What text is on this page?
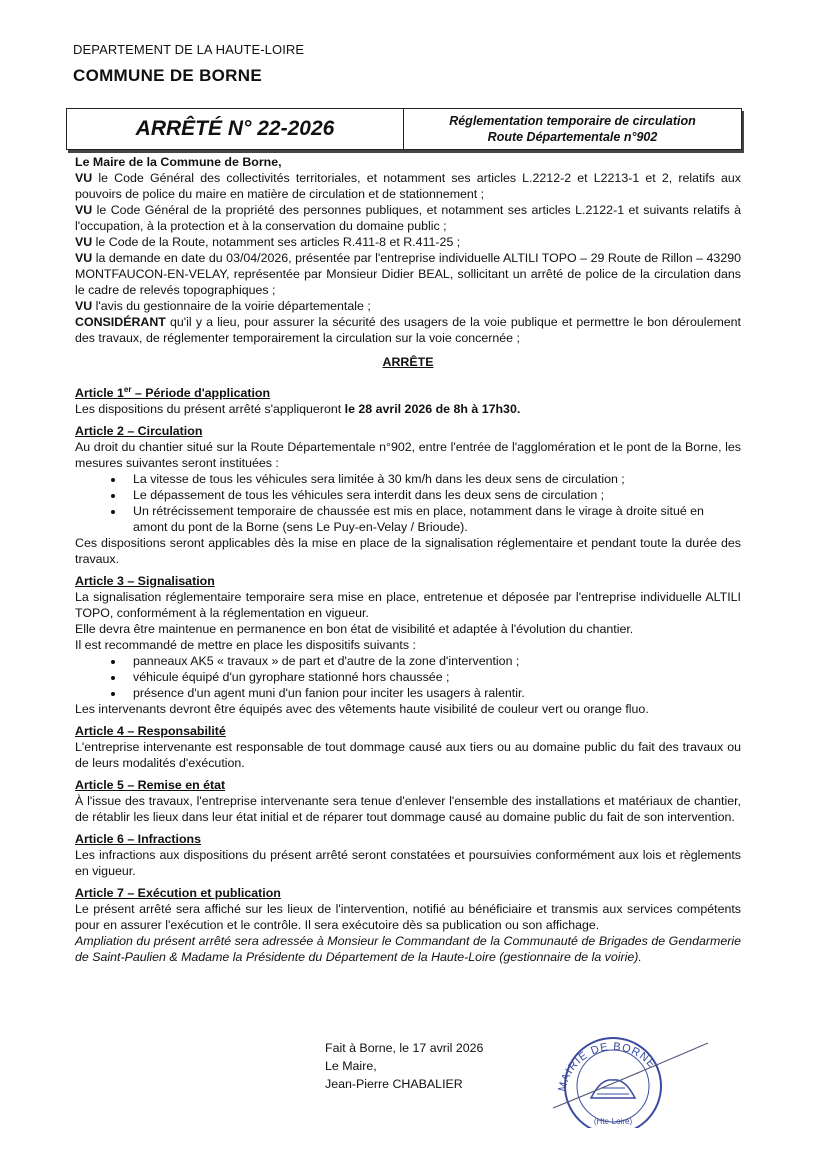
DEPARTEMENT DE LA HAUTE-LOIRE
COMMUNE DE BORNE
ARRÊTÉ N° 22-2026	Réglementation temporaire de circulation
Route Départementale n°902

Le Maire de la Commune de Borne,

VU le Code Général des collectivités territoriales, et notamment ses articles L.2212-2 et L2213-1 et 2, relatifs aux pouvoirs de police du maire en matière de circulation et de stationnement ;

VU le Code Général de la propriété des personnes publiques, et notamment ses articles L.2122-1 et suivants relatifs à l'occupation, à la protection et à la conservation du domaine public ;

VU le Code de la Route, notamment ses articles R.411-8 et R.411-25 ;

VU la demande en date du 03/04/2026, présentée par l'entreprise individuelle ALTILI TOPO – 29 Route de Rillon – 43290 MONTFAUCON-EN-VELAY, représentée par Monsieur Didier BEAL, sollicitant un arrêté de police de la circulation dans le cadre de relevés topographiques ;

VU l'avis du gestionnaire de la voirie départementale ;

CONSIDÉRANT qu'il y a lieu, pour assurer la sécurité des usagers de la voie publique et permettre le bon déroulement des travaux, de réglementer temporairement la circulation sur la voie concernée ;

ARRÊTE

Article 1er – Période d'application

Les dispositions du présent arrêté s'appliqueront le 28 avril 2026 de 8h à 17h30.

Article 2 – Circulation

Au droit du chantier situé sur la Route Départementale n°902, entre l'entrée de l'agglomération et le pont de la Borne, les mesures suivantes seront instituées :

• La vitesse de tous les véhicules sera limitée à 30 km/h dans les deux sens de circulation ;
• Le dépassement de tous les véhicules sera interdit dans les deux sens de circulation ;
• Un rétrécissement temporaire de chaussée est mis en place, notamment dans le virage à droite situé en amont du pont de la Borne (sens Le Puy-en-Velay / Brioude).

Ces dispositions seront applicables dès la mise en place de la signalisation réglementaire et pendant toute la durée des travaux.

Article 3 – Signalisation

La signalisation réglementaire temporaire sera mise en place, entretenue et déposée par l'entreprise individuelle ALTILI TOPO, conformément à la réglementation en vigueur.

Elle devra être maintenue en permanence en bon état de visibilité et adaptée à l'évolution du chantier.

Il est recommandé de mettre en place les dispositifs suivants :

• panneaux AK5 « travaux » de part et d'autre de la zone d'intervention ;
• véhicule équipé d'un gyrophare stationné hors chaussée ;
• présence d'un agent muni d'un fanion pour inciter les usagers à ralentir.

Les intervenants devront être équipés avec des vêtements haute visibilité de couleur vert ou orange fluo.

Article 4 – Responsabilité

L'entreprise intervenante est responsable de tout dommage causé aux tiers ou au domaine public du fait des travaux ou de leurs modalités d'exécution.

Article 5 – Remise en état

À l'issue des travaux, l'entreprise intervenante sera tenue d'enlever l'ensemble des installations et matériaux de chantier, de rétablir les lieux dans leur état initial et de réparer tout dommage causé au domaine public du fait de son intervention.

Article 6 – Infractions

Les infractions aux dispositions du présent arrêté seront constatées et poursuivies conformément aux lois et règlements en vigueur.

Article 7 – Exécution et publication

Le présent arrêté sera affiché sur les lieux de l'intervention, notifié au bénéficiaire et transmis aux services compétents pour en assurer l'exécution et le contrôle. Il sera exécutoire dès sa publication ou son affichage.

Ampliation du présent arrêté sera adressée à Monsieur le Commandant de la Communauté de Brigades de Gendarmerie de Saint-Paulien & Madame la Présidente du Département de la Haute-Loire (gestionnaire de la voirie).

Fait à Borne, le 17 avril 2026
Le Maire,
Jean-Pierre CHABALIER	MAIRIE DE BORNE
(Hte-Loire)
